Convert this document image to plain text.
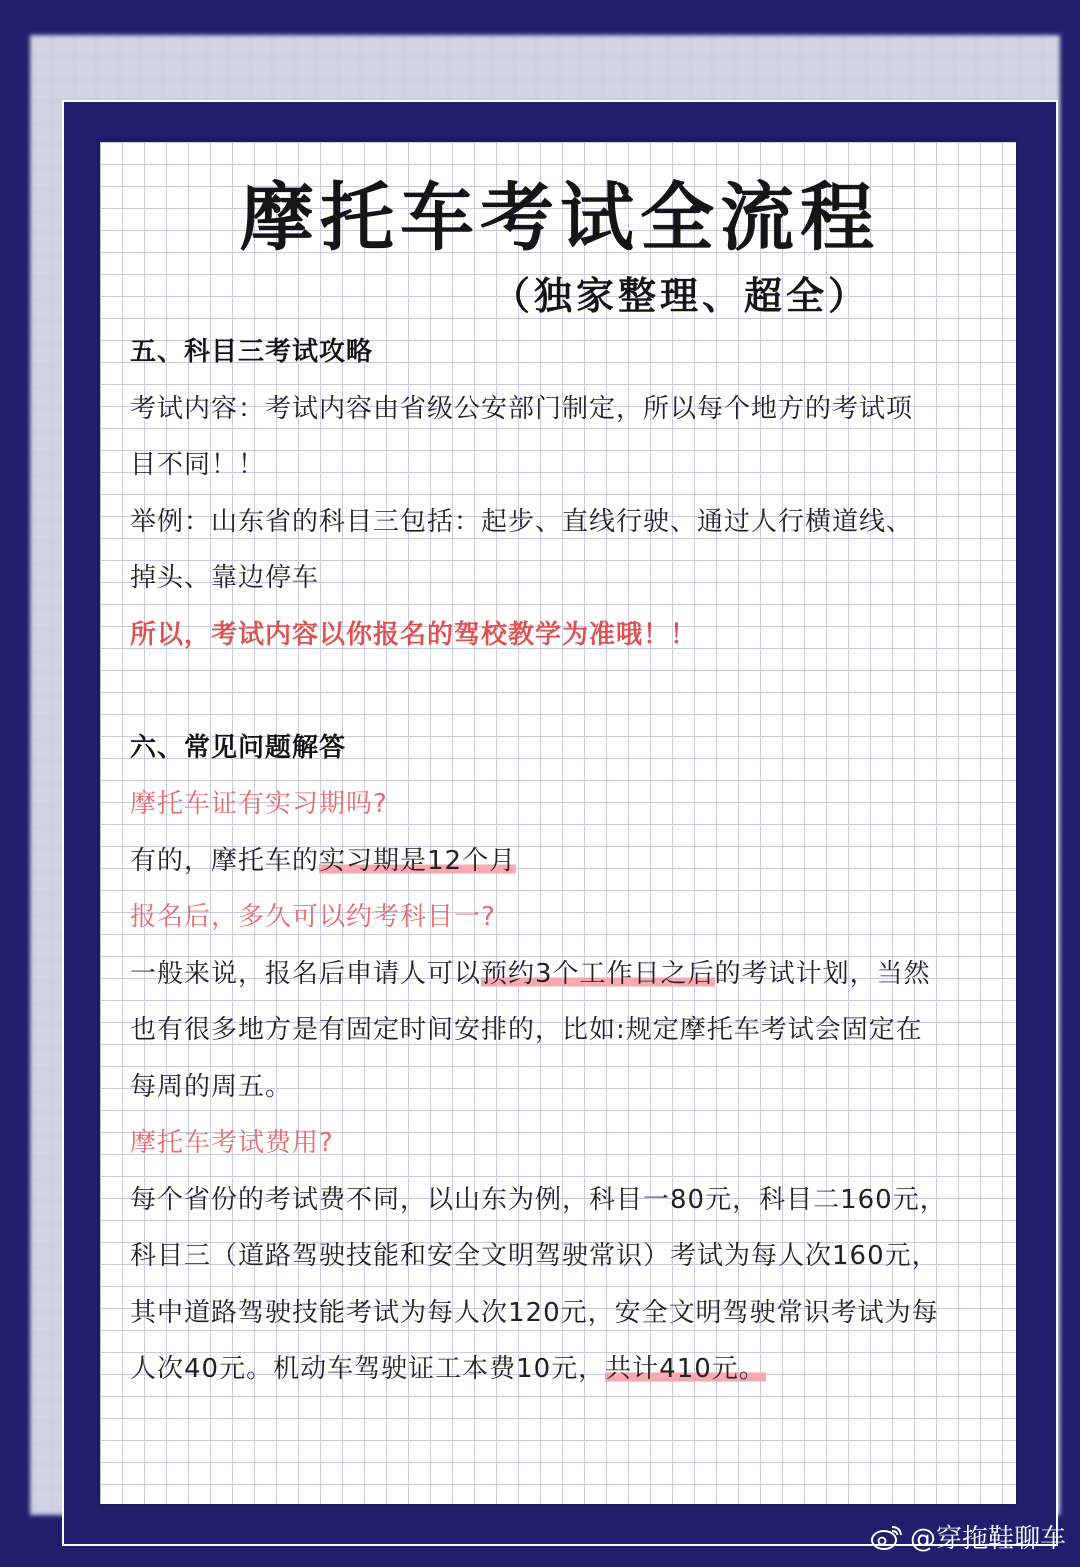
摩托车考试全流程
（独家整理、超全）
五、科目三考试攻略
考试内容：考试内容由省级公安部门制定，所以每个地方的考试项
目不同！！
举例：山东省的科目三包括：起步、直线行驶、通过人行横道线、
掉头、靠边停车
所以，考试内容以你报名的驾校教学为准哦！！
六、常见问题解答
摩托车证有实习期吗?
有的，摩托车的实习期是12个月
报名后，多久可以约考科目一?
一般来说，报名后申请人可以预约3个工作日之后的考试计划，当然
也有很多地方是有固定时间安排的，比如:规定摩托车考试会固定在
每周的周五。
摩托车考试费用?
每个省份的考试费不同，以山东为例，科目一80元，科目二160元，
科目三（道路驾驶技能和安全文明驾驶常识）考试为每人次160元，
其中道路驾驶技能考试为每人次120元，安全文明驾驶常识考试为每
人次40元。机动车驾驶证工本费10元，共计410元。
@穿拖鞋聊车
